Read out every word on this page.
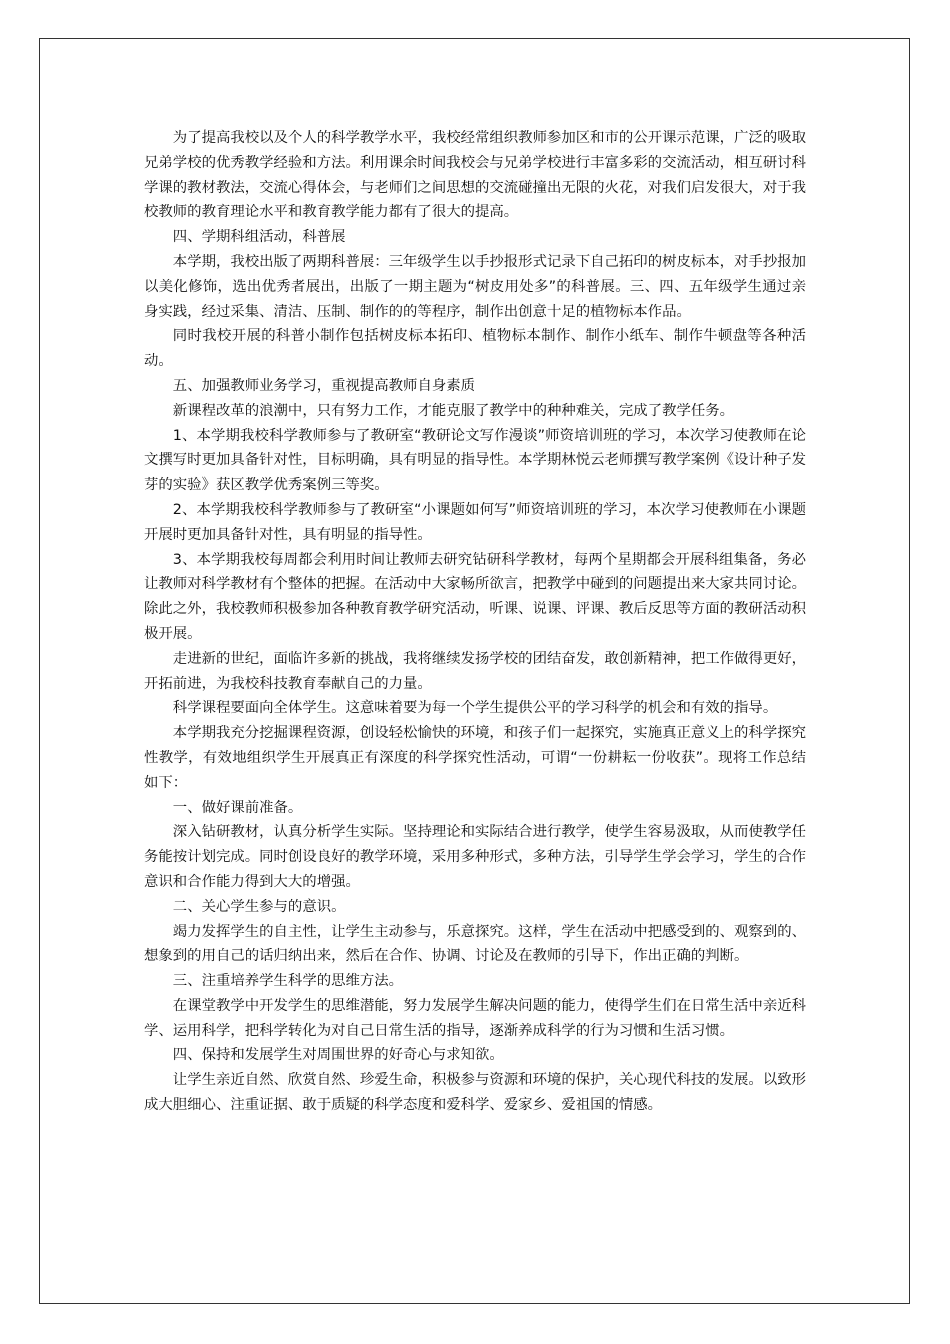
为了提高我校以及个人的科学教学水平，我校经常组织教师参加区和市的公开课示范课，广泛的吸取兄弟学校的优秀教学经验和方法。利用课余时间我校会与兄弟学校进行丰富多彩的交流活动，相互研讨科学课的教材教法，交流心得体会，与老师们之间思想的交流碰撞出无限的火花，对我们启发很大，对于我校教师的教育理论水平和教育教学能力都有了很大的提高。

四、学期科组活动，科普展

本学期，我校出版了两期科普展：三年级学生以手抄报形式记录下自己拓印的树皮标本，对手抄报加以美化修饰，选出优秀者展出，出版了一期主题为“树皮用处多”的科普展。三、四、五年级学生通过亲身实践，经过采集、清洁、压制、制作的的等程序，制作出创意十足的植物标本作品。

同时我校开展的科普小制作包括树皮标本拓印、植物标本制作、制作小纸车、制作牛顿盘等各种活动。

五、加强教师业务学习，重视提高教师自身素质

新课程改革的浪潮中，只有努力工作，才能克服了教学中的种种难关，完成了教学任务。

1、本学期我校科学教师参与了教研室“教研论文写作漫谈”师资培训班的学习，本次学习使教师在论文撰写时更加具备针对性，目标明确，具有明显的指导性。本学期林悦云老师撰写教学案例《设计种子发芽的实验》获区教学优秀案例三等奖。

2、本学期我校科学教师参与了教研室“小课题如何写”师资培训班的学习，本次学习使教师在小课题开展时更加具备针对性，具有明显的指导性。

3、本学期我校每周都会利用时间让教师去研究钻研科学教材，每两个星期都会开展科组集备，务必让教师对科学教材有个整体的把握。在活动中大家畅所欲言，把教学中碰到的问题提出来大家共同讨论。除此之外，我校教师积极参加各种教育教学研究活动，听课、说课、评课、教后反思等方面的教研活动积极开展。

走进新的世纪，面临许多新的挑战，我将继续发扬学校的团结奋发，敢创新精神，把工作做得更好，开拓前进，为我校科技教育奉献自己的力量。

科学课程要面向全体学生。这意味着要为每一个学生提供公平的学习科学的机会和有效的指导。

本学期我充分挖掘课程资源，创设轻松愉快的环境，和孩子们一起探究，实施真正意义上的科学探究性教学，有效地组织学生开展真正有深度的科学探究性活动，可谓“一份耕耘一份收获”。现将工作总结如下：

一、做好课前准备。

深入钻研教材，认真分析学生实际。坚持理论和实际结合进行教学，使学生容易汲取，从而使教学任务能按计划完成。同时创设良好的教学环境，采用多种形式，多种方法，引导学生学会学习，学生的合作意识和合作能力得到大大的增强。

二、关心学生参与的意识。

竭力发挥学生的自主性，让学生主动参与，乐意探究。这样，学生在活动中把感受到的、观察到的、想象到的用自己的话归纳出来，然后在合作、协调、讨论及在教师的引导下，作出正确的判断。

三、注重培养学生科学的思维方法。

在课堂教学中开发学生的思维潜能，努力发展学生解决问题的能力，使得学生们在日常生活中亲近科学、运用科学，把科学转化为对自己日常生活的指导，逐渐养成科学的行为习惯和生活习惯。

四、保持和发展学生对周围世界的好奇心与求知欲。

让学生亲近自然、欣赏自然、珍爱生命，积极参与资源和环境的保护，关心现代科技的发展。以致形成大胆细心、注重证据、敢于质疑的科学态度和爱科学、爱家乡、爱祖国的情感。
